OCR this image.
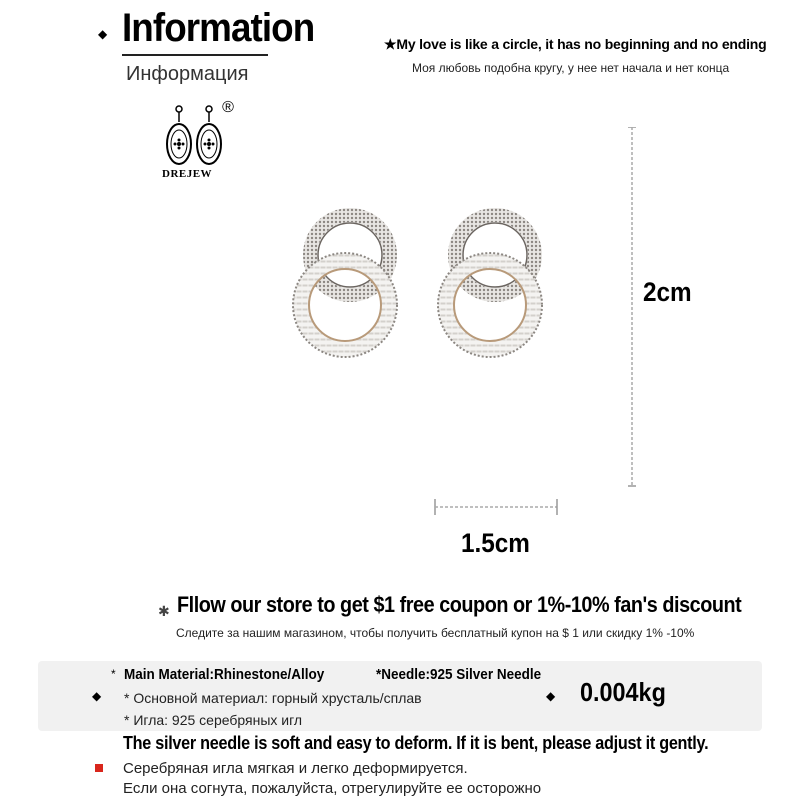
◆ Information
Информация
★My love is like a circle, it has no beginning and no ending
Моя любовь подобна кругу, у нее нет начала и нет конца
®
DREJEW
2cm
1.5cm
✱ Fllow our store to get $1 free coupon or 1%-10% fan's discount
Следите за нашим магазином, чтобы получить бесплатный купон на $ 1 или скидку 1% -10%
* Main Material:Rhinestone/Alloy	*Needle:925 Silver Needle
◆ * Основной материал: горный хрусталь/сплав
* Игла: 925 серебряных игл
◆ 0.004kg
The silver needle is soft and easy to deform. If it is bent, please adjust it gently.
Серебряная игла мягкая и легко деформируется.
Если она согнута, пожалуйста, отрегулируйте ее осторожно
